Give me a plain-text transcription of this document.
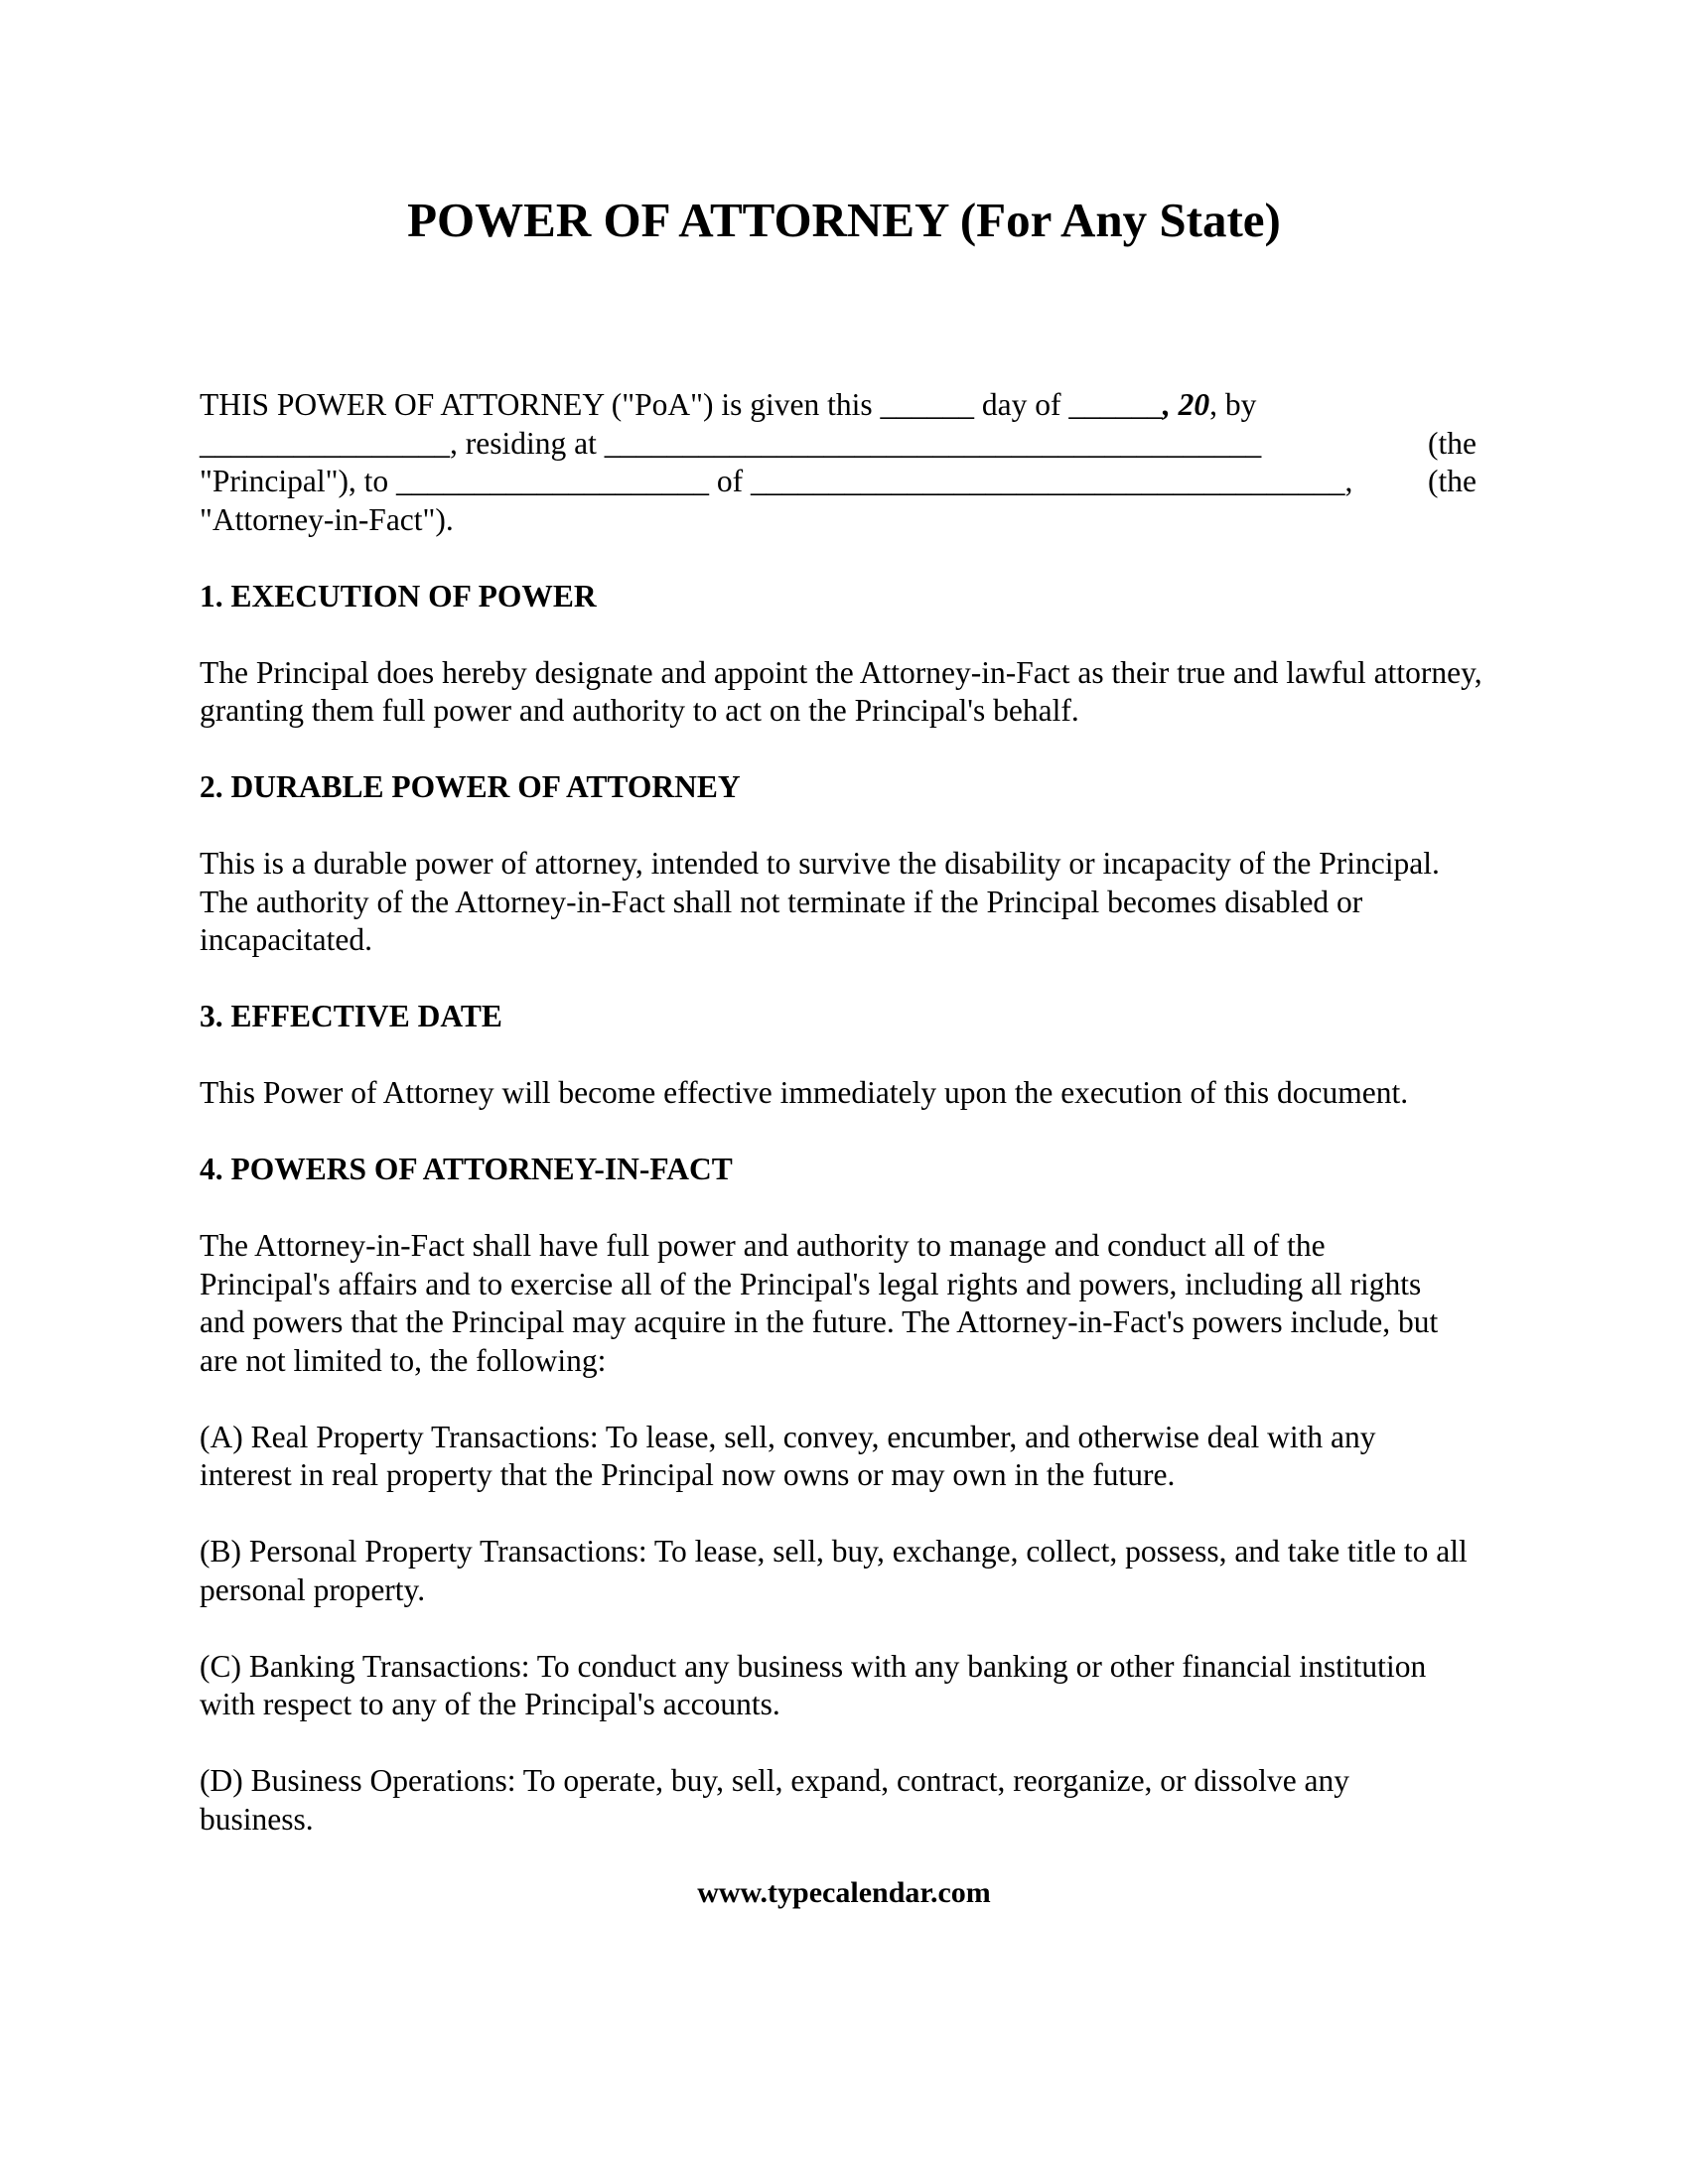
POWER OF ATTORNEY (For Any State)
THIS POWER OF ATTORNEY ("PoA") is given this ______ day of ______, 20, by
________________, residing at __________________________________________	(the
"Principal"), to ____________________ of ______________________________________, (the
"Attorney-in-Fact").

1. EXECUTION OF POWER

The Principal does hereby designate and appoint the Attorney-in-Fact as their true and lawful attorney, granting them full power and authority to act on the Principal's behalf.

2. DURABLE POWER OF ATTORNEY

This is a durable power of attorney, intended to survive the disability or incapacity of the Principal. The authority of the Attorney-in-Fact shall not terminate if the Principal becomes disabled or incapacitated.

3. EFFECTIVE DATE

This Power of Attorney will become effective immediately upon the execution of this document.

4. POWERS OF ATTORNEY-IN-FACT

The Attorney-in-Fact shall have full power and authority to manage and conduct all of the Principal's affairs and to exercise all of the Principal's legal rights and powers, including all rights and powers that the Principal may acquire in the future. The Attorney-in-Fact's powers include, but are not limited to, the following:

(A) Real Property Transactions: To lease, sell, convey, encumber, and otherwise deal with any interest in real property that the Principal now owns or may own in the future.

(B) Personal Property Transactions: To lease, sell, buy, exchange, collect, possess, and take title to all personal property.

(C) Banking Transactions: To conduct any business with any banking or other financial institution with respect to any of the Principal's accounts.

(D) Business Operations: To operate, buy, sell, expand, contract, reorganize, or dissolve any business.

www.typecalendar.com
